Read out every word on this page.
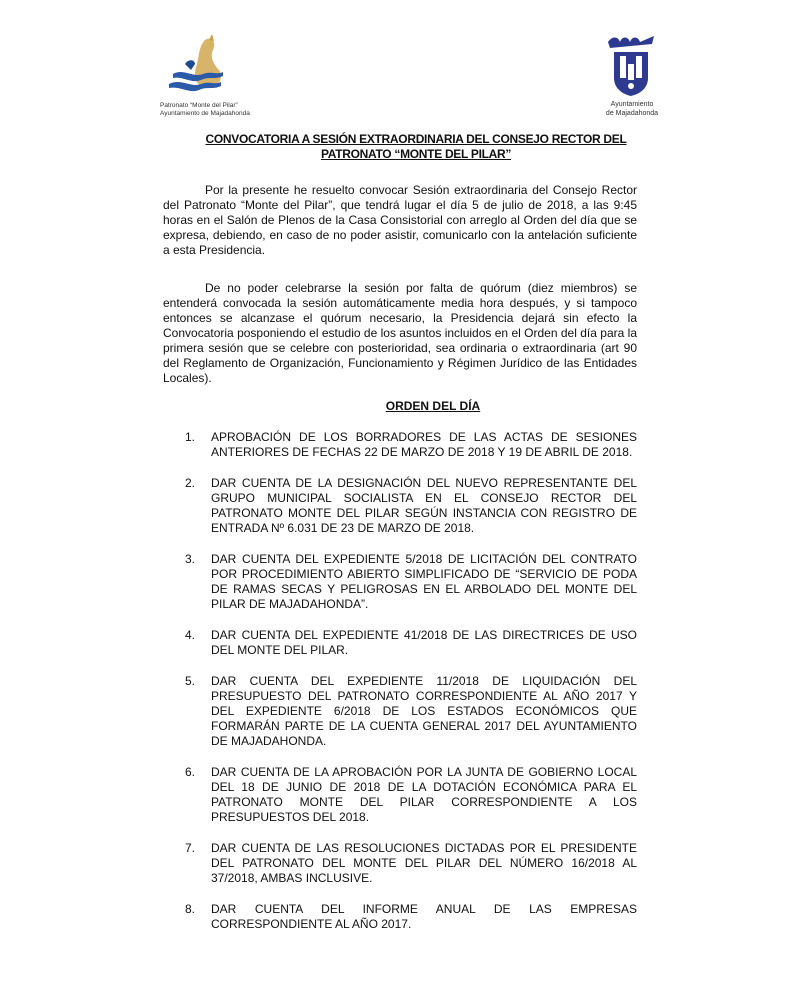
Patronato “Monte del Pilar”
Ayuntamiento de Majadahonda
Ayuntamiento
de Majadahonda
CONVOCATORIA A SESIÓN EXTRAORDINARIA DEL CONSEJO RECTOR DEL
PATRONATO “MONTE DEL PILAR”
Por la presente he resuelto convocar Sesión extraordinaria del Consejo Rector del Patronato “Monte del Pilar”, que tendrá lugar el día 5 de julio de 2018, a las 9:45 horas en el Salón de Plenos de la Casa Consistorial con arreglo al Orden del día que se expresa, debiendo, en caso de no poder asistir, comunicarlo con la antelación suficiente a esta Presidencia.
De no poder celebrarse la sesión por falta de quórum (diez miembros) se entenderá convocada la sesión automáticamente media hora después, y si tampoco entonces se alcanzase el quórum necesario, la Presidencia dejará sin efecto la Convocatoria posponiendo el estudio de los asuntos incluidos en el Orden del día para la primera sesión que se celebre con posterioridad, sea ordinaria o extraordinaria (art 90 del Reglamento de Organización, Funcionamiento y Régimen Jurídico de las Entidades Locales).
ORDEN DEL DÍA
1.	APROBACIÓN DE LOS BORRADORES DE LAS ACTAS DE SESIONES ANTERIORES DE FECHAS 22 DE MARZO DE 2018 Y 19 DE ABRIL DE 2018.
2.	DAR CUENTA DE LA DESIGNACIÓN DEL NUEVO REPRESENTANTE DEL GRUPO MUNICIPAL SOCIALISTA EN EL CONSEJO RECTOR DEL PATRONATO MONTE DEL PILAR SEGÚN INSTANCIA CON REGISTRO DE ENTRADA Nº 6.031 DE 23 DE MARZO DE 2018.
3.	DAR CUENTA DEL EXPEDIENTE 5/2018 DE LICITACIÓN DEL CONTRATO POR PROCEDIMIENTO ABIERTO SIMPLIFICADO DE “SERVICIO DE PODA DE RAMAS SECAS Y PELIGROSAS EN EL ARBOLADO DEL MONTE DEL PILAR DE MAJADAHONDA”.
4.	DAR CUENTA DEL EXPEDIENTE 41/2018 DE LAS DIRECTRICES DE USO DEL MONTE DEL PILAR.
5.	DAR CUENTA DEL EXPEDIENTE 11/2018 DE LIQUIDACIÓN DEL PRESUPUESTO DEL PATRONATO CORRESPONDIENTE AL AÑO 2017 Y DEL EXPEDIENTE 6/2018 DE LOS ESTADOS ECONÓMICOS QUE FORMARÁN PARTE DE LA CUENTA GENERAL 2017 DEL AYUNTAMIENTO DE MAJADAHONDA.
6.	DAR CUENTA DE LA APROBACIÓN POR LA JUNTA DE GOBIERNO LOCAL DEL 18 DE JUNIO DE 2018 DE LA DOTACIÓN ECONÓMICA PARA EL PATRONATO MONTE DEL PILAR CORRESPONDIENTE A LOS PRESUPUESTOS DEL 2018.
7.	DAR CUENTA DE LAS RESOLUCIONES DICTADAS POR EL PRESIDENTE DEL PATRONATO DEL MONTE DEL PILAR DEL NÚMERO 16/2018 AL 37/2018, AMBAS INCLUSIVE.
8.	DAR CUENTA DEL INFORME ANUAL DE LAS EMPRESAS CORRESPONDIENTE AL AÑO 2017.
